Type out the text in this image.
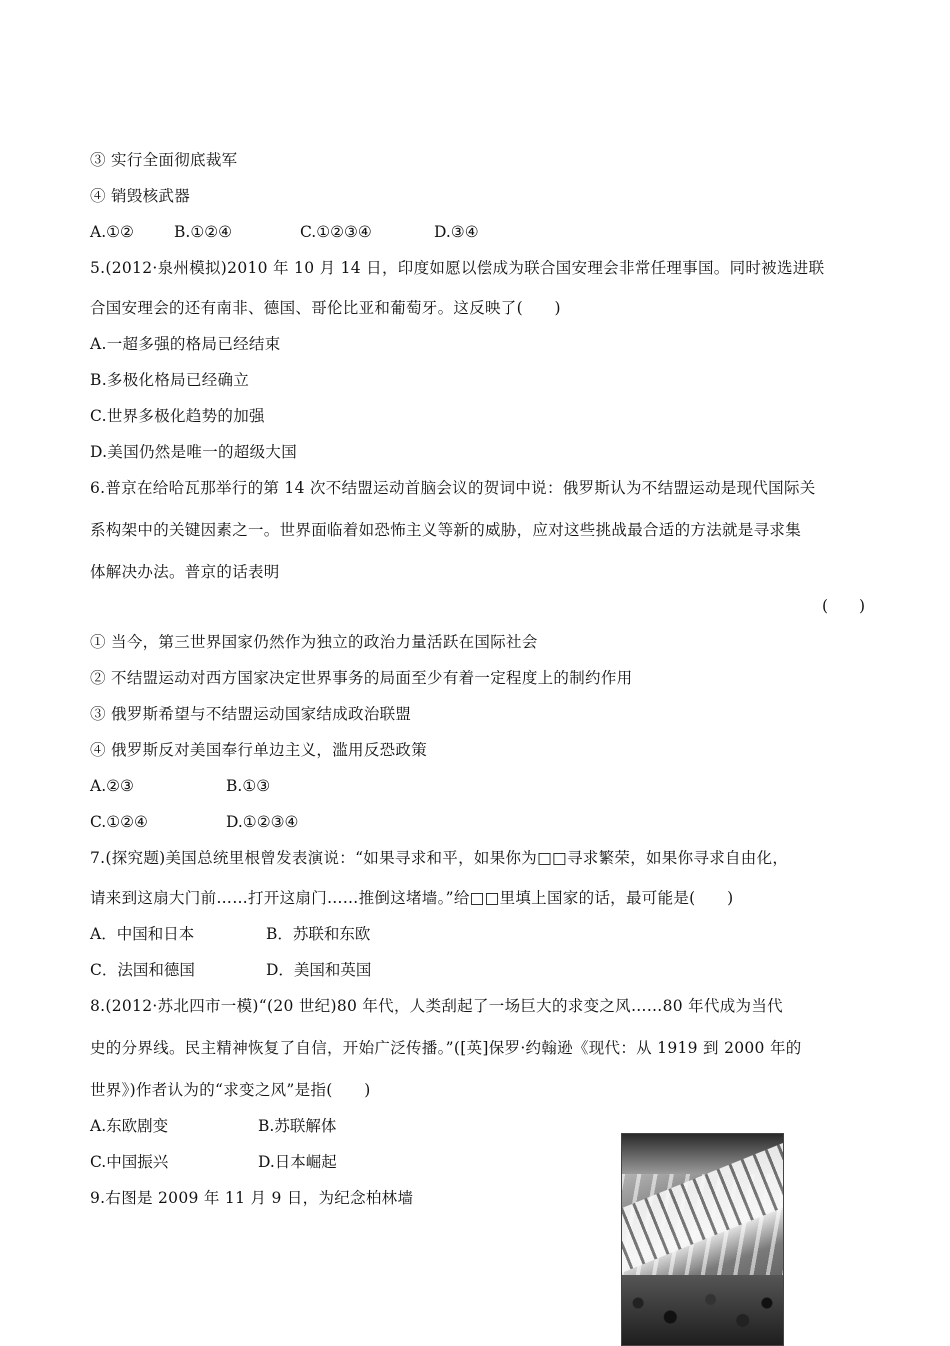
③ 实行全面彻底裁军
④ 销毁核武器
A.①②	B.①②④	C.①②③④	D.③④
5.(2012·泉州模拟)2010 年 10 月 14 日，印度如愿以偿成为联合国安理会非常任理事国。同时被选进联
合国安理会的还有南非、德国、哥伦比亚和葡萄牙。这反映了(　　)
A.一超多强的格局已经结束
B.多极化格局已经确立
C.世界多极化趋势的加强
D.美国仍然是唯一的超级大国
6.普京在给哈瓦那举行的第 14 次不结盟运动首脑会议的贺词中说：俄罗斯认为不结盟运动是现代国际关
系构架中的关键因素之一。世界面临着如恐怖主义等新的威胁，应对这些挑战最合适的方法就是寻求集
体解决办法。普京的话表明
(　　)
① 当今，第三世界国家仍然作为独立的政治力量活跃在国际社会
② 不结盟运动对西方国家决定世界事务的局面至少有着一定程度上的制约作用
③ 俄罗斯希望与不结盟运动国家结成政治联盟
④ 俄罗斯反对美国奉行单边主义，滥用反恐政策
A.②③	B.①③
C.①②④	D.①②③④
7.(探究题)美国总统里根曾发表演说：“如果寻求和平，如果你为□□寻求繁荣，如果你寻求自由化，
请来到这扇大门前……打开这扇门……推倒这堵墙。”给□□里填上国家的话，最可能是(　　)
A．中国和日本	B．苏联和东欧
C．法国和德国	D．美国和英国
8.(2012·苏北四市一模)“(20 世纪)80 年代，人类刮起了一场巨大的求变之风……80 年代成为当代
史的分界线。民主精神恢复了自信，开始广泛传播。”([英]保罗·约翰逊《现代：从 1919 到 2000 年的
世界》)作者认为的“求变之风”是指(　　)
A.东欧剧变	B.苏联解体
C.中国振兴	D.日本崛起
9.右图是 2009 年 11 月 9 日，为纪念柏林墙
